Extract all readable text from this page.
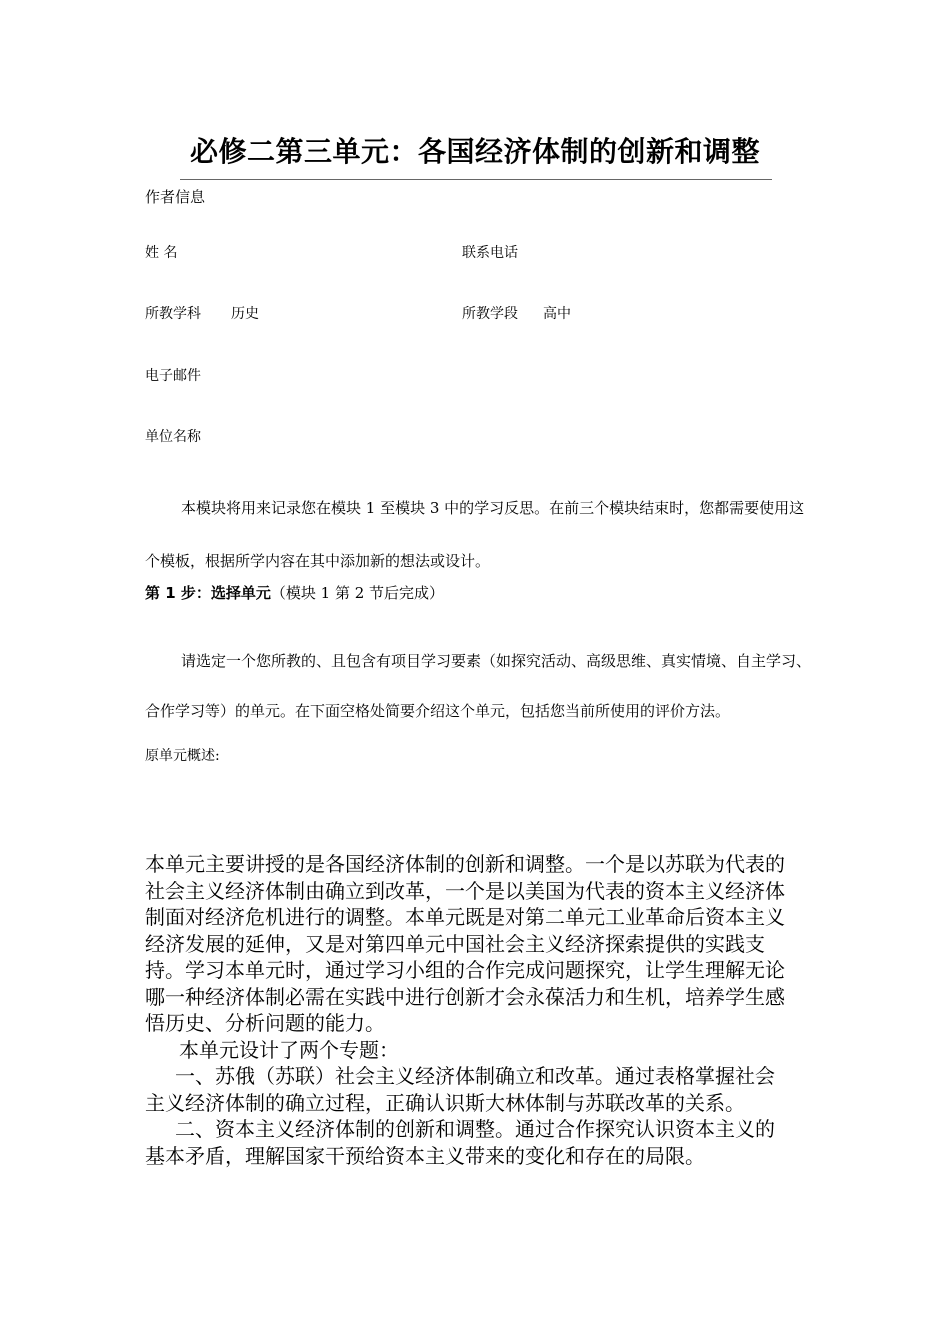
必修二第三单元：各国经济体制的创新和调整
作者信息
姓 名	联系电话
所教学科 历史	所教学段 高中
电子邮件
单位名称

本模块将用来记录您在模块 1 至模块 3 中的学习反思。在前三个模块结束时，您都需要使用这个模板，根据所学内容在其中添加新的想法或设计。

第 1 步：选择单元（模块 1 第 2 节后完成）

请选定一个您所教的、且包含有项目学习要素（如探究活动、高级思维、真实情境、自主学习、合作学习等）的单元。在下面空格处简要介绍这个单元，包括您当前所使用的评价方法。

原单元概述:

本单元主要讲授的是各国经济体制的创新和调整。一个是以苏联为代表的社会主义经济体制由确立到改革，一个是以美国为代表的资本主义经济体制面对经济危机进行的调整。本单元既是对第二单元工业革命后资本主义经济发展的延伸，又是对第四单元中国社会主义经济探索提供的实践支持。学习本单元时，通过学习小组的合作完成问题探究，让学生理解无论哪一种经济体制必需在实践中进行创新才会永葆活力和生机，培养学生感悟历史、分析问题的能力。

本单元设计了两个专题：

一、苏俄（苏联）社会主义经济体制确立和改革。通过表格掌握社会主义经济体制的确立过程，正确认识斯大林体制与苏联改革的关系。

二、资本主义经济体制的创新和调整。通过合作探究认识资本主义的基本矛盾，理解国家干预给资本主义带来的变化和存在的局限。
